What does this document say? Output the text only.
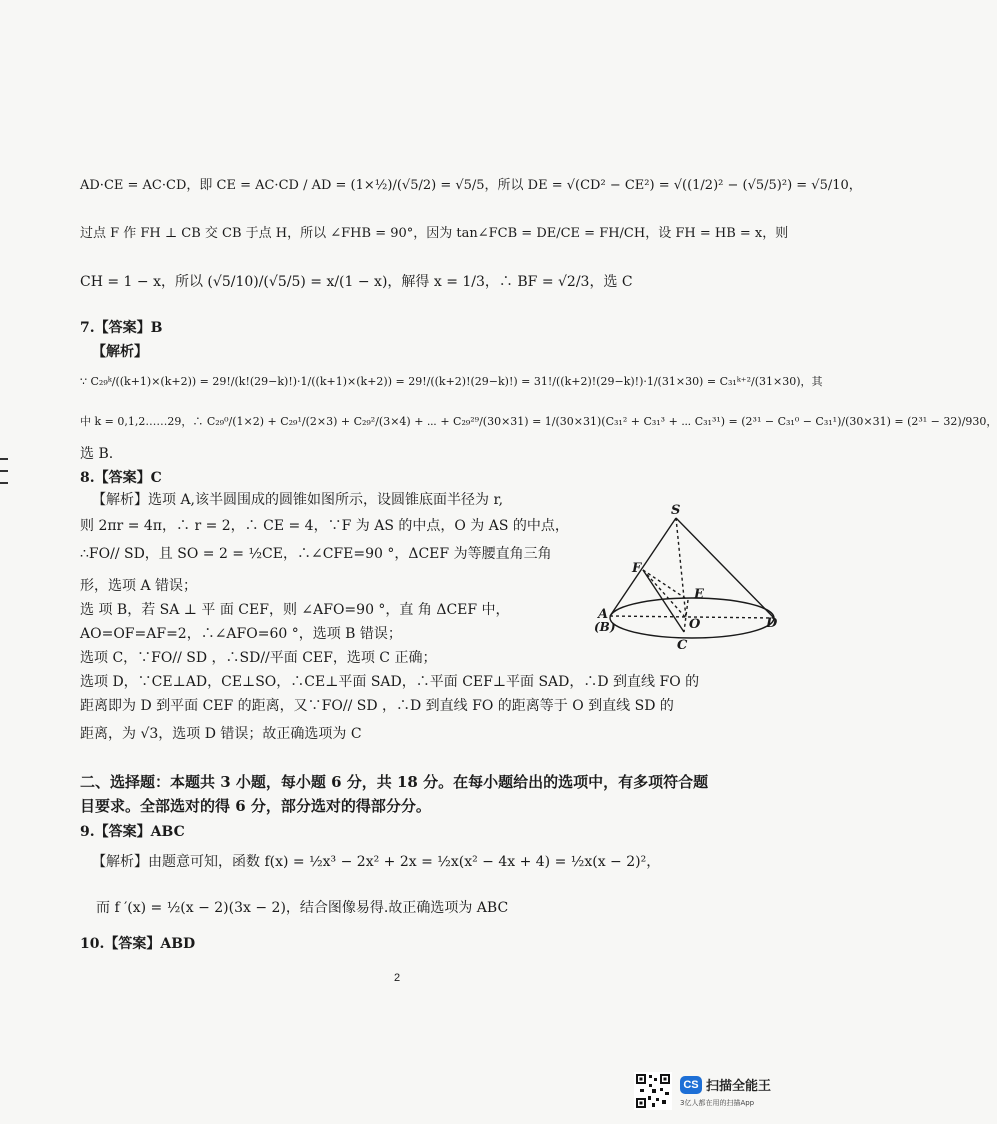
AD·CE = AC·CD，即 CE = AC·CD / AD = (1×½)/(√5/2) = √5/5，所以 DE = √(CD² − CE²) = √((1/2)² − (√5/5)²) = √5/10，
过点 F 作 FH ⊥ CB 交 CB 于点 H，所以 ∠FHB = 90°，因为 tan∠FCB = DE/CE = FH/CH，设 FH = HB = x，则
CH = 1 − x，所以 (√5/10)/(√5/5) = x/(1 − x)，解得 x = 1/3，∴ BF = √2/3，选 C
7.【答案】B
【解析】
∵ C₂₉ᵏ/((k+1)×(k+2)) = 29!/(k!(29−k)!)·1/((k+1)×(k+2)) = 29!/((k+2)!(29−k)!) = 31!/((k+2)!(29−k)!)·1/(31×30) = C₃₁ᵏ⁺²/(31×30)，其
中 k = 0,1,2……29，∴ C₂₉⁰/(1×2) + C₂₉¹/(2×3) + C₂₉²/(3×4) + ⋯ + C₂₉²⁹/(30×31) = 1/(30×31)(C₃₁² + C₃₁³ + ⋯ C₃₁³¹) = (2³¹ − C₃₁⁰ − C₃₁¹)/(30×31) = (2³¹ − 32)/930，
选 B.
8.【答案】C
【解析】选项 A,该半圆围成的圆锥如图所示，设圆锥底面半径为 r,
则 2πr = 4π，∴ r = 2，∴ CE = 4，∵F 为 AS 的中点，O 为 AS 的中点，
∴FO// SD，且 SO = 2 = ½CE，∴∠CFE=90 °，ΔCEF 为等腰直角三角
形，选项 A 错误；
选 项 B，若 SA ⊥ 平 面 CEF，则 ∠AFO=90 °，直 角 ΔCEF 中，
AO=OF=AF=2，∴∠AFO=60 °，选项 B 错误；
选项 C，∵FO// SD ，∴SD//平面 CEF，选项 C 正确；
选项 D，∵CE⊥AD，CE⊥SO，∴CE⊥平面 SAD，∴平面 CEF⊥平面 SAD，∴D 到直线 FO 的
距离即为 D 到平面 CEF 的距离，又∵FO// SD ，∴D 到直线 FO 的距离等于 O 到直线 SD 的
距离，为 √3，选项 D 错误；故正确选项为 C
二、选择题：本题共 3 小题，每小题 6 分，共 18 分。在每小题给出的选项中，有多项符合题
目要求。全部选对的得 6 分，部分选对的得部分分。
9.【答案】ABC
【解析】由题意可知，函数 f(x) = ½x³ − 2x² + 2x = ½x(x² − 4x + 4) = ½x(x − 2)²，
而 f ′(x) = ½(x − 2)(3x − 2)，结合图像易得.故正确选项为 ABC
10.【答案】ABD
2
S
F
E
A
(B)	O	D
C
CS 扫描全能王
3亿人都在用的扫描App
